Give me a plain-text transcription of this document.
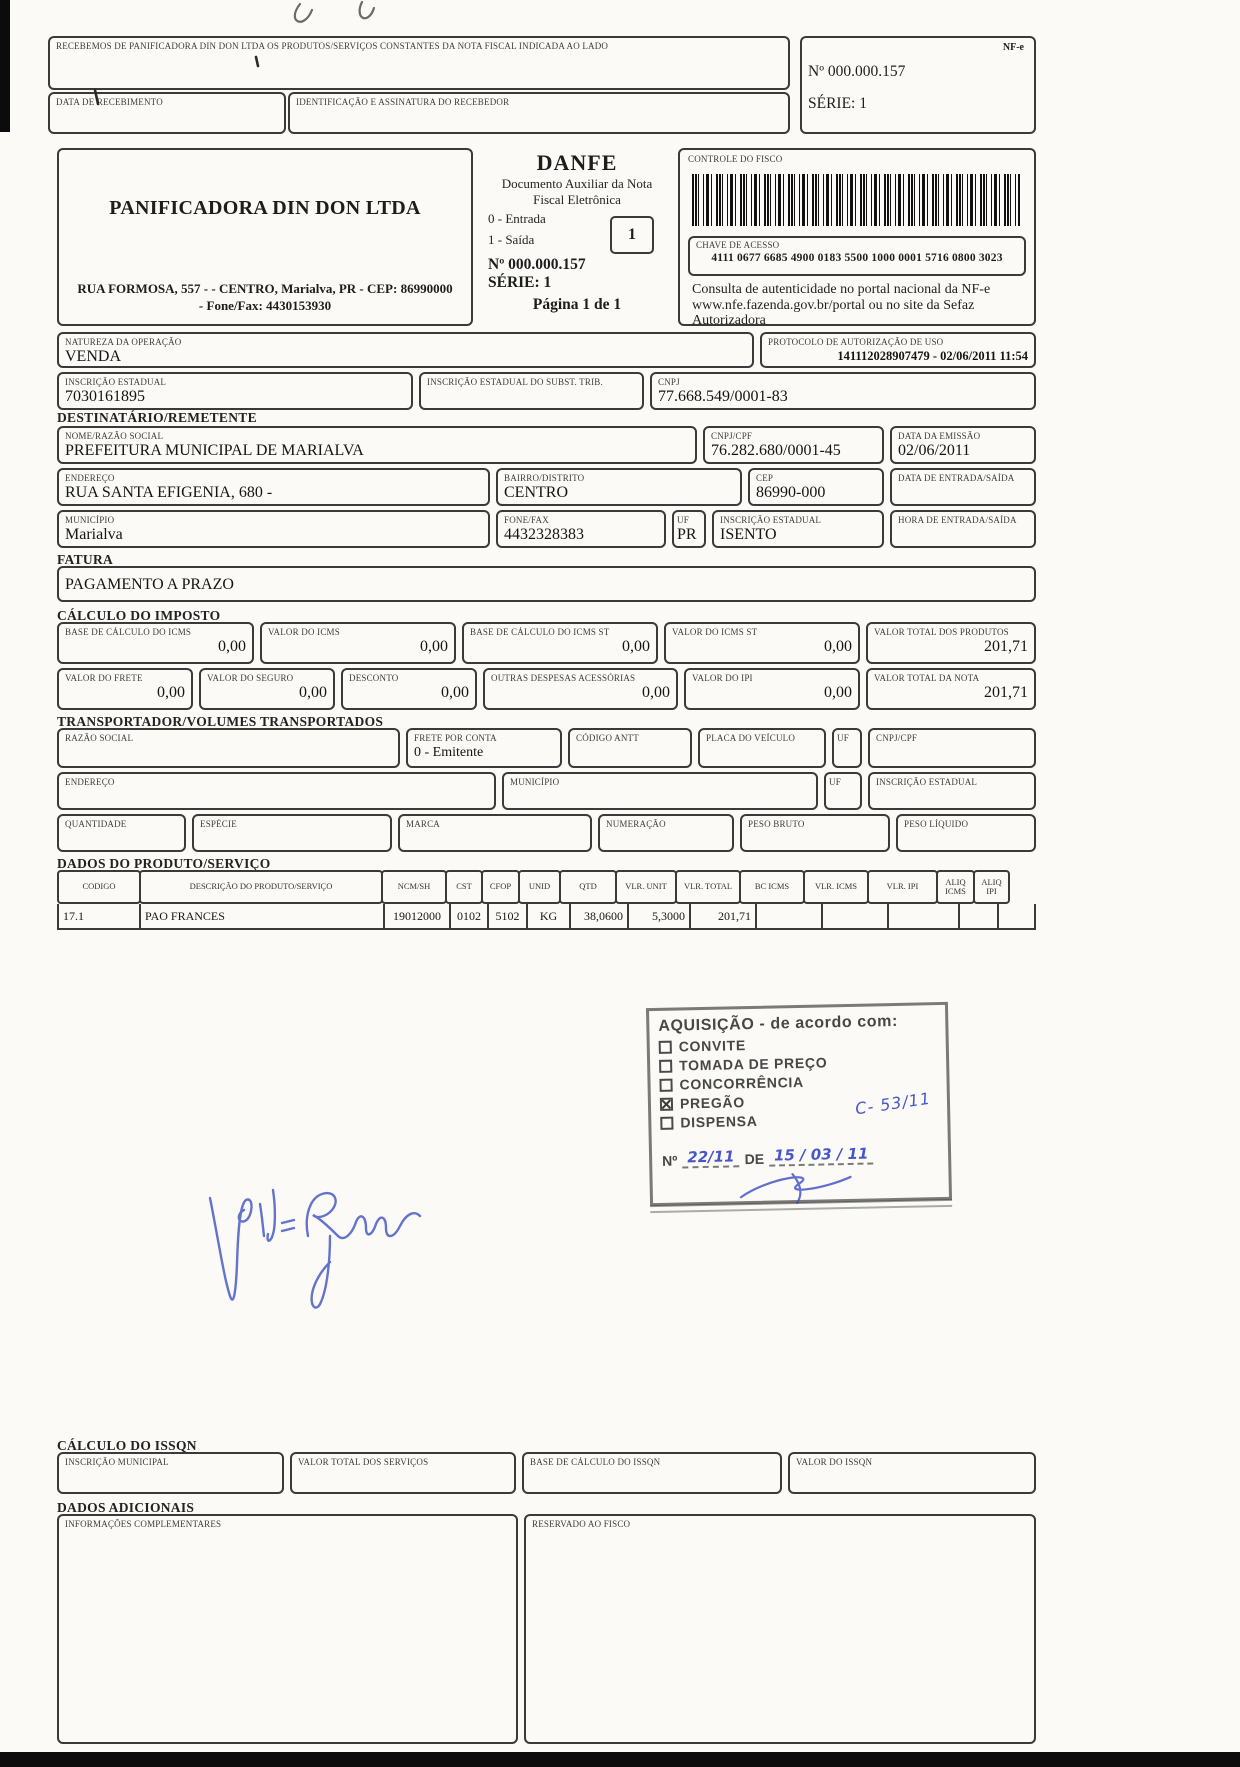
RECEBEMOS DE PANIFICADORA DIN DON LTDA OS PRODUTOS/SERVIÇOS CONSTANTES DA NOTA FISCAL INDICADA AO LADO
DATA DE RECEBIMENTO	IDENTIFICAÇÃO E ASSINATURA DO RECEBEDOR
NF-e
Nº 000.000.157
SÉRIE: 1
PANIFICADORA DIN DON LTDA
RUA FORMOSA, 557 - - CENTRO, Marialva, PR - CEP: 86990000
- Fone/Fax: 4430153930
DANFE
Documento Auxiliar da Nota
Fiscal Eletrônica
0 - Entrada
1 - Saída	1
Nº 000.000.157
SÉRIE: 1
Página 1 de 1
CONTROLE DO FISCO
CHAVE DE ACESSO
4111 0677 6685 4900 0183 5500 1000 0001 5716 0800 3023
Consulta de autenticidade no portal nacional da NF-e www.nfe.fazenda.gov.br/portal ou no site da Sefaz Autorizadora
NATUREZA DA OPERAÇÃO
VENDA
PROTOCOLO DE AUTORIZAÇÃO DE USO
141112028907479 - 02/06/2011 11:54
INSCRIÇÃO ESTADUAL
7030161895
INSCRIÇÃO ESTADUAL DO SUBST. TRIB.	CNPJ
77.668.549/0001-83
DESTINATÁRIO/REMETENTE
NOME/RAZÃO SOCIAL
PREFEITURA MUNICIPAL DE MARIALVA
CNPJ/CPF
76.282.680/0001-45
DATA DA EMISSÃO
02/06/2011
ENDEREÇO
RUA SANTA EFIGENIA, 680 -
BAIRRO/DISTRITO
CENTRO
CEP
86990-000
DATA DE ENTRADA/SAÍDA
MUNICÍPIO
Marialva
FONE/FAX
4432328383
UF
PR
INSCRIÇÃO ESTADUAL
ISENTO
HORA DE ENTRADA/SAÍDA
FATURA
PAGAMENTO A PRAZO
CÁLCULO DO IMPOSTO
BASE DE CÁLCULO DO ICMS
0,00
VALOR DO ICMS
0,00
BASE DE CÁLCULO DO ICMS ST
0,00
VALOR DO ICMS ST
0,00
VALOR TOTAL DOS PRODUTOS
201,71
VALOR DO FRETE
0,00
VALOR DO SEGURO
0,00
DESCONTO
0,00
OUTRAS DESPESAS ACESSÓRIAS
0,00
VALOR DO IPI
0,00
VALOR TOTAL DA NOTA
201,71
TRANSPORTADOR/VOLUMES TRANSPORTADOS
RAZÃO SOCIAL	FRETE POR CONTA
0 - Emitente
CÓDIGO ANTT	PLACA DO VEÍCULO	UF	CNPJ/CPF
ENDEREÇO	MUNICÍPIO	UF	INSCRIÇÃO ESTADUAL
QUANTIDADE	ESPÉCIE	MARCA	NUMERAÇÃO	PESO BRUTO	PESO LÍQUIDO
DADOS DO PRODUTO/SERVIÇO
CODIGO	DESCRIÇÃO DO PRODUTO/SERVIÇO	NCM/SH	CST	CFOP	UNID	QTD	VLR. UNIT	VLR. TOTAL	BC ICMS	VLR. ICMS	VLR. IPI	ALIQ ICMS
ALIQ IPI
17.1	PAO FRANCES	19012000	0102	5102	KG	38,0600	5,3000	201,71
AQUISIÇÃO - de acordo com:
CONVITE
TOMADA DE PREÇO
CONCORRÊNCIA
✕
PREGÃO
DISPENSA
C- 53/11
Nº 22/11 DE 15 / 03 / 11
CÁLCULO DO ISSQN
INSCRIÇÃO MUNICIPAL	VALOR TOTAL DOS SERVIÇOS	BASE DE CÁLCULO DO ISSQN	VALOR DO ISSQN
DADOS ADICIONAIS
INFORMAÇÕES COMPLEMENTARES	RESERVADO AO FISCO
